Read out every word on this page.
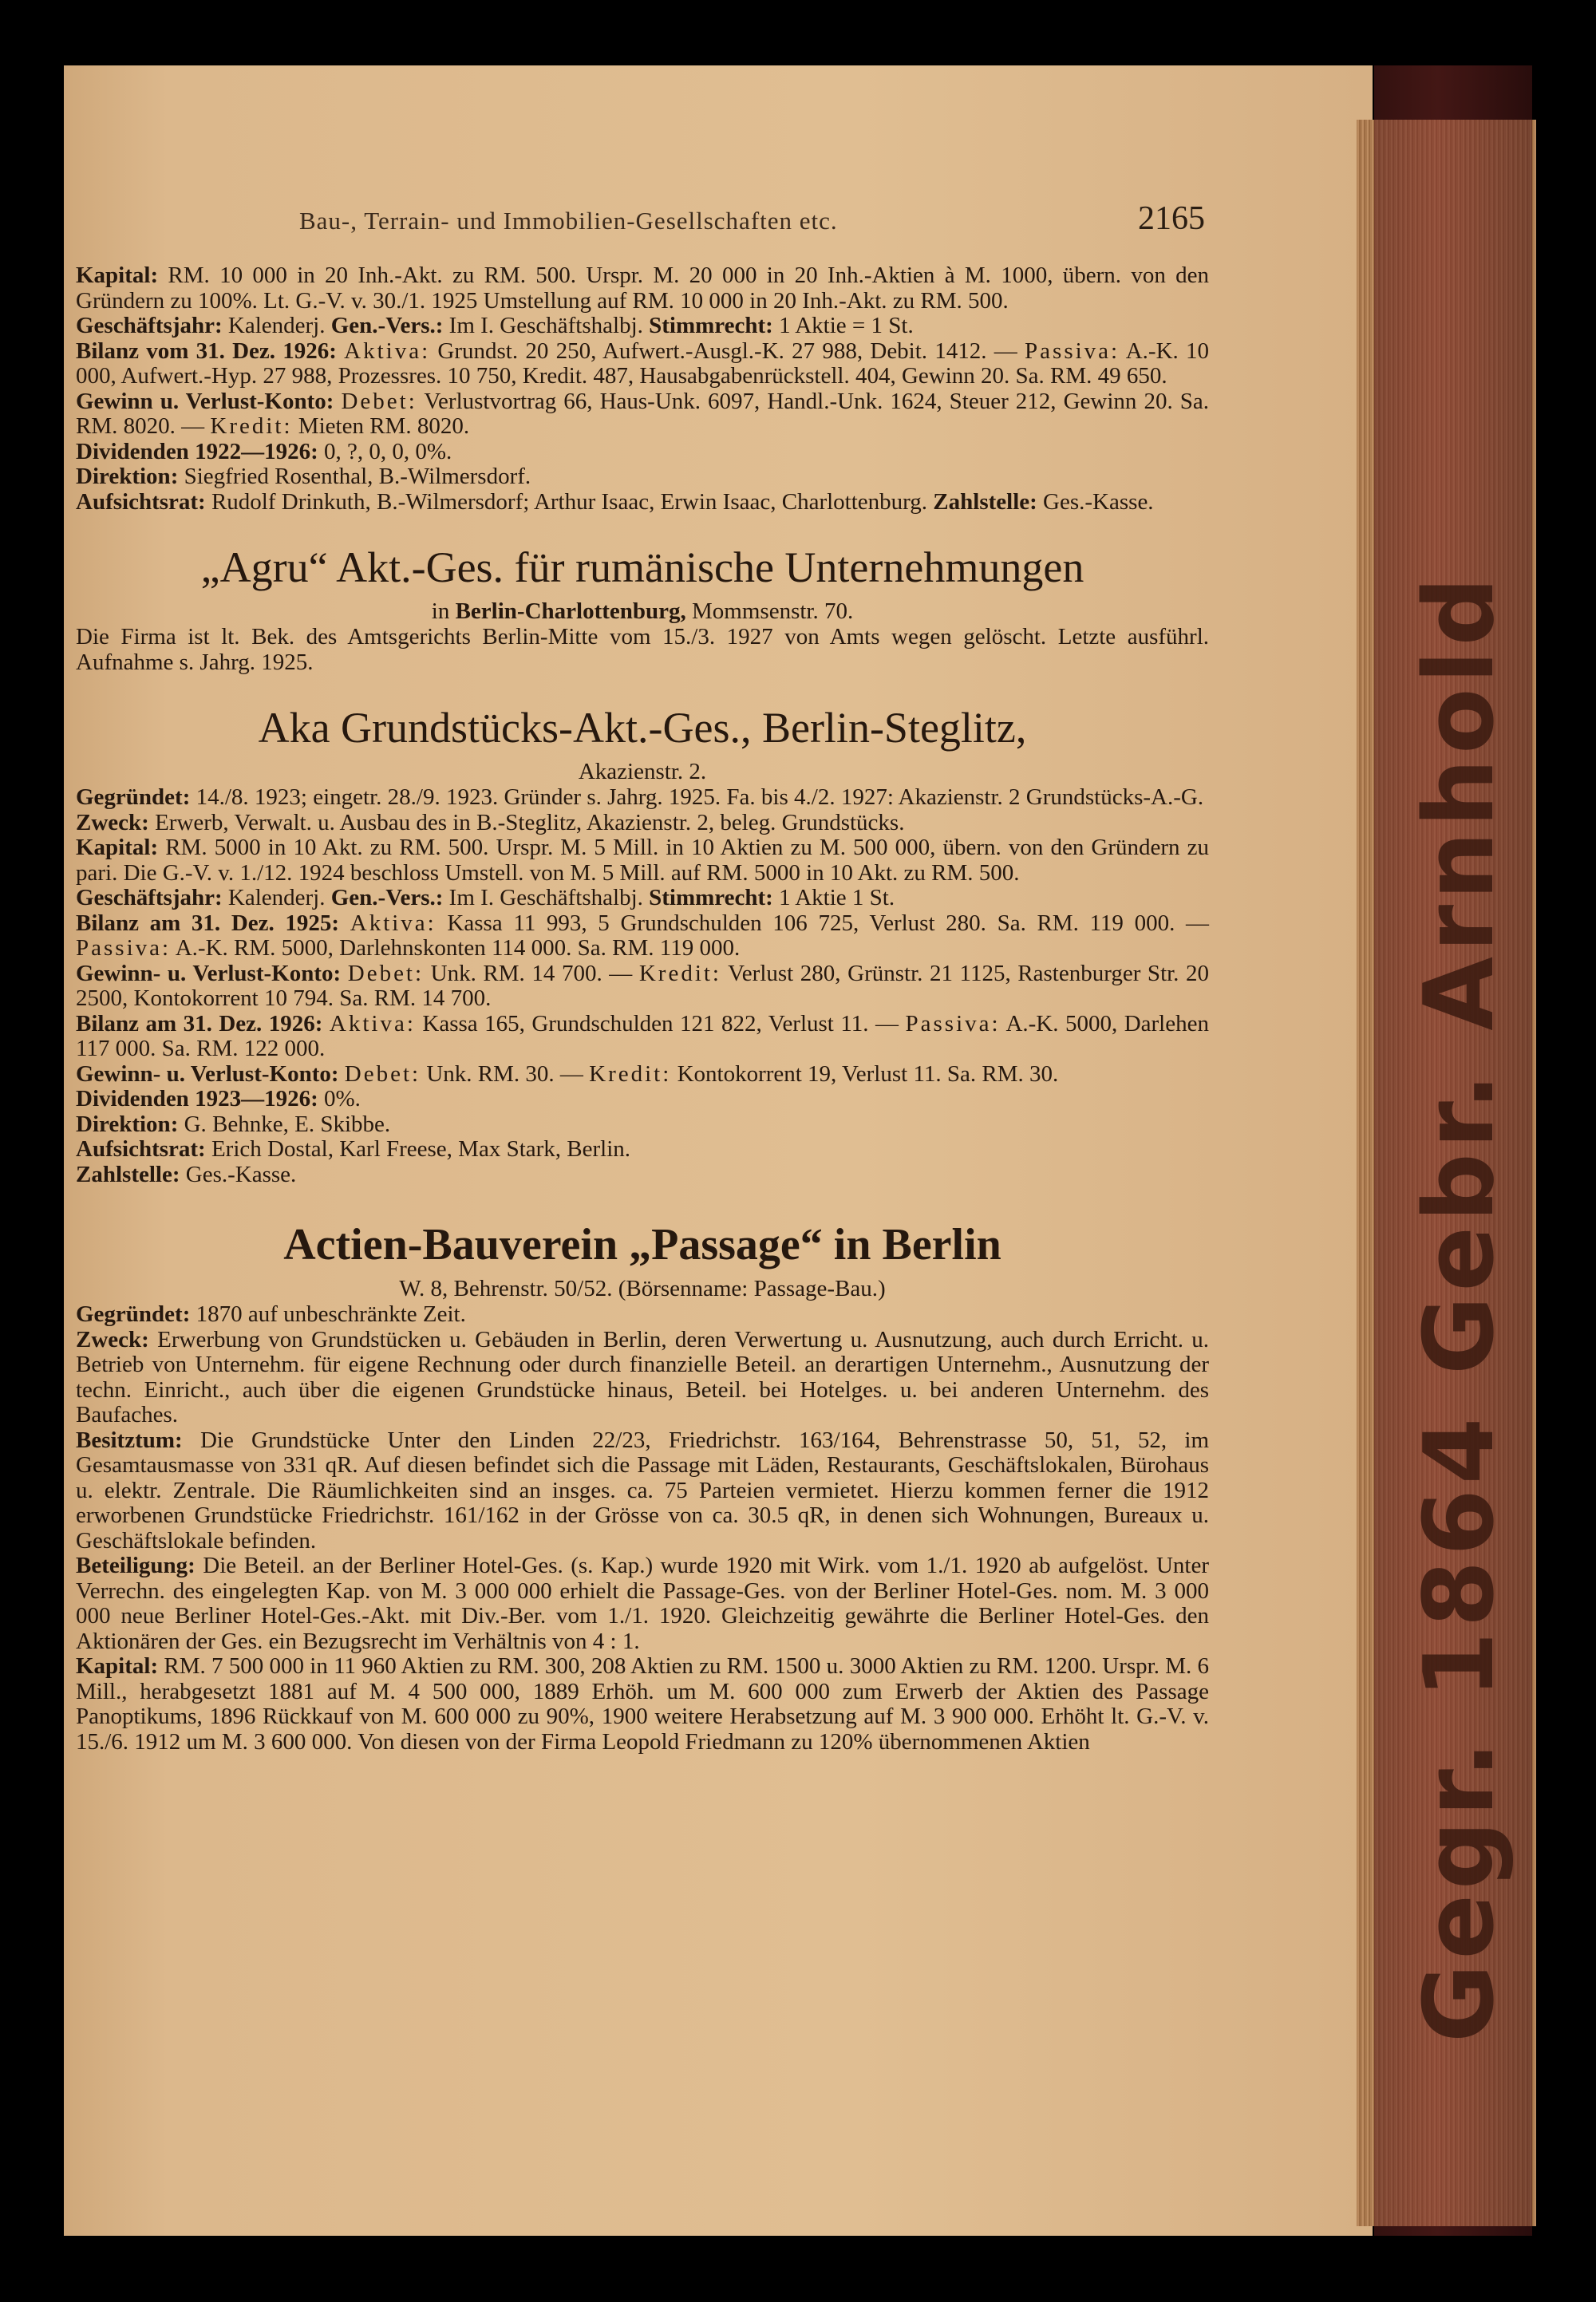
Gegr. 1864 Gebr. Arnhold
Bau-, Terrain- und Immobilien-Gesellschaften etc.	2165

Kapital: RM. 10 000 in 20 Inh.-Akt. zu RM. 500. Urspr. M. 20 000 in 20 Inh.-Aktien à M. 1000, übern. von den Gründern zu 100%. Lt. G.-V. v. 30./1. 1925 Umstellung auf RM. 10 000 in 20 Inh.-Akt. zu RM. 500.

Geschäftsjahr: Kalenderj. Gen.-Vers.: Im I. Geschäftshalbj. Stimmrecht: 1 Aktie = 1 St.

Bilanz vom 31. Dez. 1926: Aktiva: Grundst. 20 250, Aufwert.-Ausgl.-K. 27 988, Debit. 1412. — Passiva: A.-K. 10 000, Aufwert.-Hyp. 27 988, Prozessres. 10 750, Kredit. 487, Hausabgabenrückstell. 404, Gewinn 20. Sa. RM. 49 650.

Gewinn u. Verlust-Konto: Debet: Verlustvortrag 66, Haus-Unk. 6097, Handl.-Unk. 1624, Steuer 212, Gewinn 20. Sa. RM. 8020. — Kredit: Mieten RM. 8020.

Dividenden 1922—1926: 0, ?, 0, 0, 0%.

Direktion: Siegfried Rosenthal, B.-Wilmersdorf.

Aufsichtsrat: Rudolf Drinkuth, B.-Wilmersdorf; Arthur Isaac, Erwin Isaac, Charlottenburg. Zahlstelle: Ges.-Kasse.

„Agru“ Akt.-Ges. für rumänische Unternehmungen
in Berlin-Charlottenburg, Mommsenstr. 70.

Die Firma ist lt. Bek. des Amtsgerichts Berlin-Mitte vom 15./3. 1927 von Amts wegen gelöscht. Letzte ausführl. Aufnahme s. Jahrg. 1925.

Aka Grundstücks-Akt.-Ges., Berlin-Steglitz,
Akazienstr. 2.

Gegründet: 14./8. 1923; eingetr. 28./9. 1923. Gründer s. Jahrg. 1925. Fa. bis 4./2. 1927: Akazienstr. 2 Grundstücks-A.-G.

Zweck: Erwerb, Verwalt. u. Ausbau des in B.-Steglitz, Akazienstr. 2, beleg. Grundstücks.

Kapital: RM. 5000 in 10 Akt. zu RM. 500. Urspr. M. 5 Mill. in 10 Aktien zu M. 500 000, übern. von den Gründern zu pari. Die G.-V. v. 1./12. 1924 beschloss Umstell. von M. 5 Mill. auf RM. 5000 in 10 Akt. zu RM. 500.

Geschäftsjahr: Kalenderj. Gen.-Vers.: Im I. Geschäftshalbj. Stimmrecht: 1 Aktie 1 St.

Bilanz am 31. Dez. 1925: Aktiva: Kassa 11 993, 5 Grundschulden 106 725, Verlust 280. Sa. RM. 119 000. — Passiva: A.-K. RM. 5000, Darlehnskonten 114 000. Sa. RM. 119 000.

Gewinn- u. Verlust-Konto: Debet: Unk. RM. 14 700. — Kredit: Verlust 280, Grünstr. 21 1125, Rastenburger Str. 20 2500, Kontokorrent 10 794. Sa. RM. 14 700.

Bilanz am 31. Dez. 1926: Aktiva: Kassa 165, Grundschulden 121 822, Verlust 11. — Passiva: A.-K. 5000, Darlehen 117 000. Sa. RM. 122 000.

Gewinn- u. Verlust-Konto: Debet: Unk. RM. 30. — Kredit: Kontokorrent 19, Verlust 11. Sa. RM. 30.

Dividenden 1923—1926: 0%.

Direktion: G. Behnke, E. Skibbe.

Aufsichtsrat: Erich Dostal, Karl Freese, Max Stark, Berlin.

Zahlstelle: Ges.-Kasse.

Actien-Bauverein „Passage“ in Berlin
W. 8, Behrenstr. 50/52. (Börsenname: Passage-Bau.)

Gegründet: 1870 auf unbeschränkte Zeit.

Zweck: Erwerbung von Grundstücken u. Gebäuden in Berlin, deren Verwertung u. Ausnutzung, auch durch Erricht. u. Betrieb von Unternehm. für eigene Rechnung oder durch finanzielle Beteil. an derartigen Unternehm., Ausnutzung der techn. Einricht., auch über die eigenen Grundstücke hinaus, Beteil. bei Hotelges. u. bei anderen Unternehm. des Baufaches.

Besitztum: Die Grundstücke Unter den Linden 22/23, Friedrichstr. 163/164, Behrenstrasse 50, 51, 52, im Gesamtausmasse von 331 qR. Auf diesen befindet sich die Passage mit Läden, Restaurants, Geschäftslokalen, Bürohaus u. elektr. Zentrale. Die Räumlichkeiten sind an insges. ca. 75 Parteien vermietet. Hierzu kommen ferner die 1912 erworbenen Grundstücke Friedrichstr. 161/162 in der Grösse von ca. 30.5 qR, in denen sich Wohnungen, Bureaux u. Geschäftslokale befinden.

Beteiligung: Die Beteil. an der Berliner Hotel-Ges. (s. Kap.) wurde 1920 mit Wirk. vom 1./1. 1920 ab aufgelöst. Unter Verrechn. des eingelegten Kap. von M. 3 000 000 erhielt die Passage-Ges. von der Berliner Hotel-Ges. nom. M. 3 000 000 neue Berliner Hotel-Ges.-Akt. mit Div.-Ber. vom 1./1. 1920. Gleichzeitig gewährte die Berliner Hotel-Ges. den Aktionären der Ges. ein Bezugsrecht im Verhältnis von 4 : 1.

Kapital: RM. 7 500 000 in 11 960 Aktien zu RM. 300, 208 Aktien zu RM. 1500 u. 3000 Aktien zu RM. 1200. Urspr. M. 6 Mill., herabgesetzt 1881 auf M. 4 500 000, 1889 Erhöh. um M. 600 000 zum Erwerb der Aktien des Passage Panoptikums, 1896 Rückkauf von M. 600 000 zu 90%, 1900 weitere Herabsetzung auf M. 3 900 000. Erhöht lt. G.-V. v. 15./6. 1912 um M. 3 600 000. Von diesen von der Firma Leopold Friedmann zu 120% übernommenen Aktien
